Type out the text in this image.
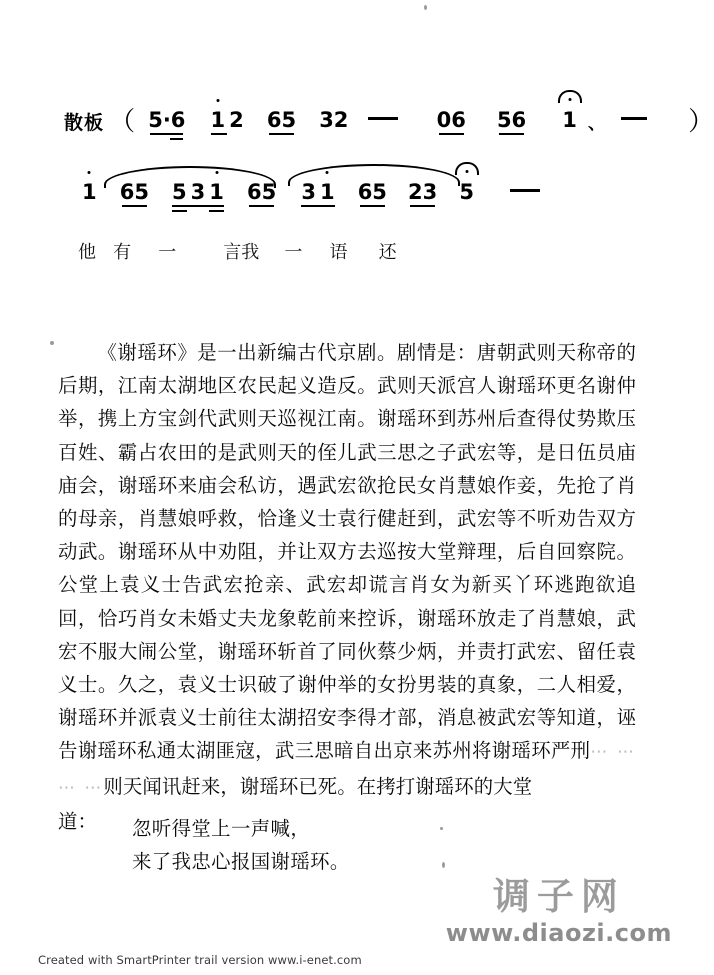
散板 （ 5·6
1 2
65
32
	06
56
1 、	）
1
65
5 3 1
65
3 1
65
23
5

他 有 一	言我 一 语 还

《谢瑶环》是一出新编古代京剧。剧情是：唐朝武则天称帝的后期，江南太湖地区农民起义造反。武则天派宫人谢瑶环更名谢仲举，携上方宝剑代武则天巡视江南。谢瑶环到苏州后查得仗势欺压百姓、霸占农田的是武则天的侄儿武三思之子武宏等，是日伍员庙庙会，谢瑶环来庙会私访，遇武宏欲抢民女肖慧娘作妾，先抢了肖的母亲，肖慧娘呼救，恰逢义士袁行健赶到，武宏等不听劝告双方动武。谢瑶环从中劝阻，并让双方去巡按大堂辩理，后自回察院。公堂上袁义士告武宏抢亲、武宏却谎言肖女为新买丫环逃跑欲追回，恰巧肖女未婚丈夫龙象乾前来控诉，谢瑶环放走了肖慧娘，武宏不服大闹公堂，谢瑶环斩首了同伙蔡少炳，并责打武宏、留任袁义士。久之，袁义士识破了谢仲举的女扮男装的真象，二人相爱，谢瑶环并派袁义士前往太湖招安李得才部，消息被武宏等知道，诬告谢瑶环私通太湖匪寇，武三思暗自出京来苏州将谢瑶环严刑⋯ ⋯ ⋯ ⋯则天闻讯赶来，谢瑶环已死。在拷打谢瑶环的大堂

道：	忽听得堂上一声喊，
来了我忠心报国谢瑶环。
调子网
www.diaozi.com
Created with SmartPrinter trail version www.i-enet.com
